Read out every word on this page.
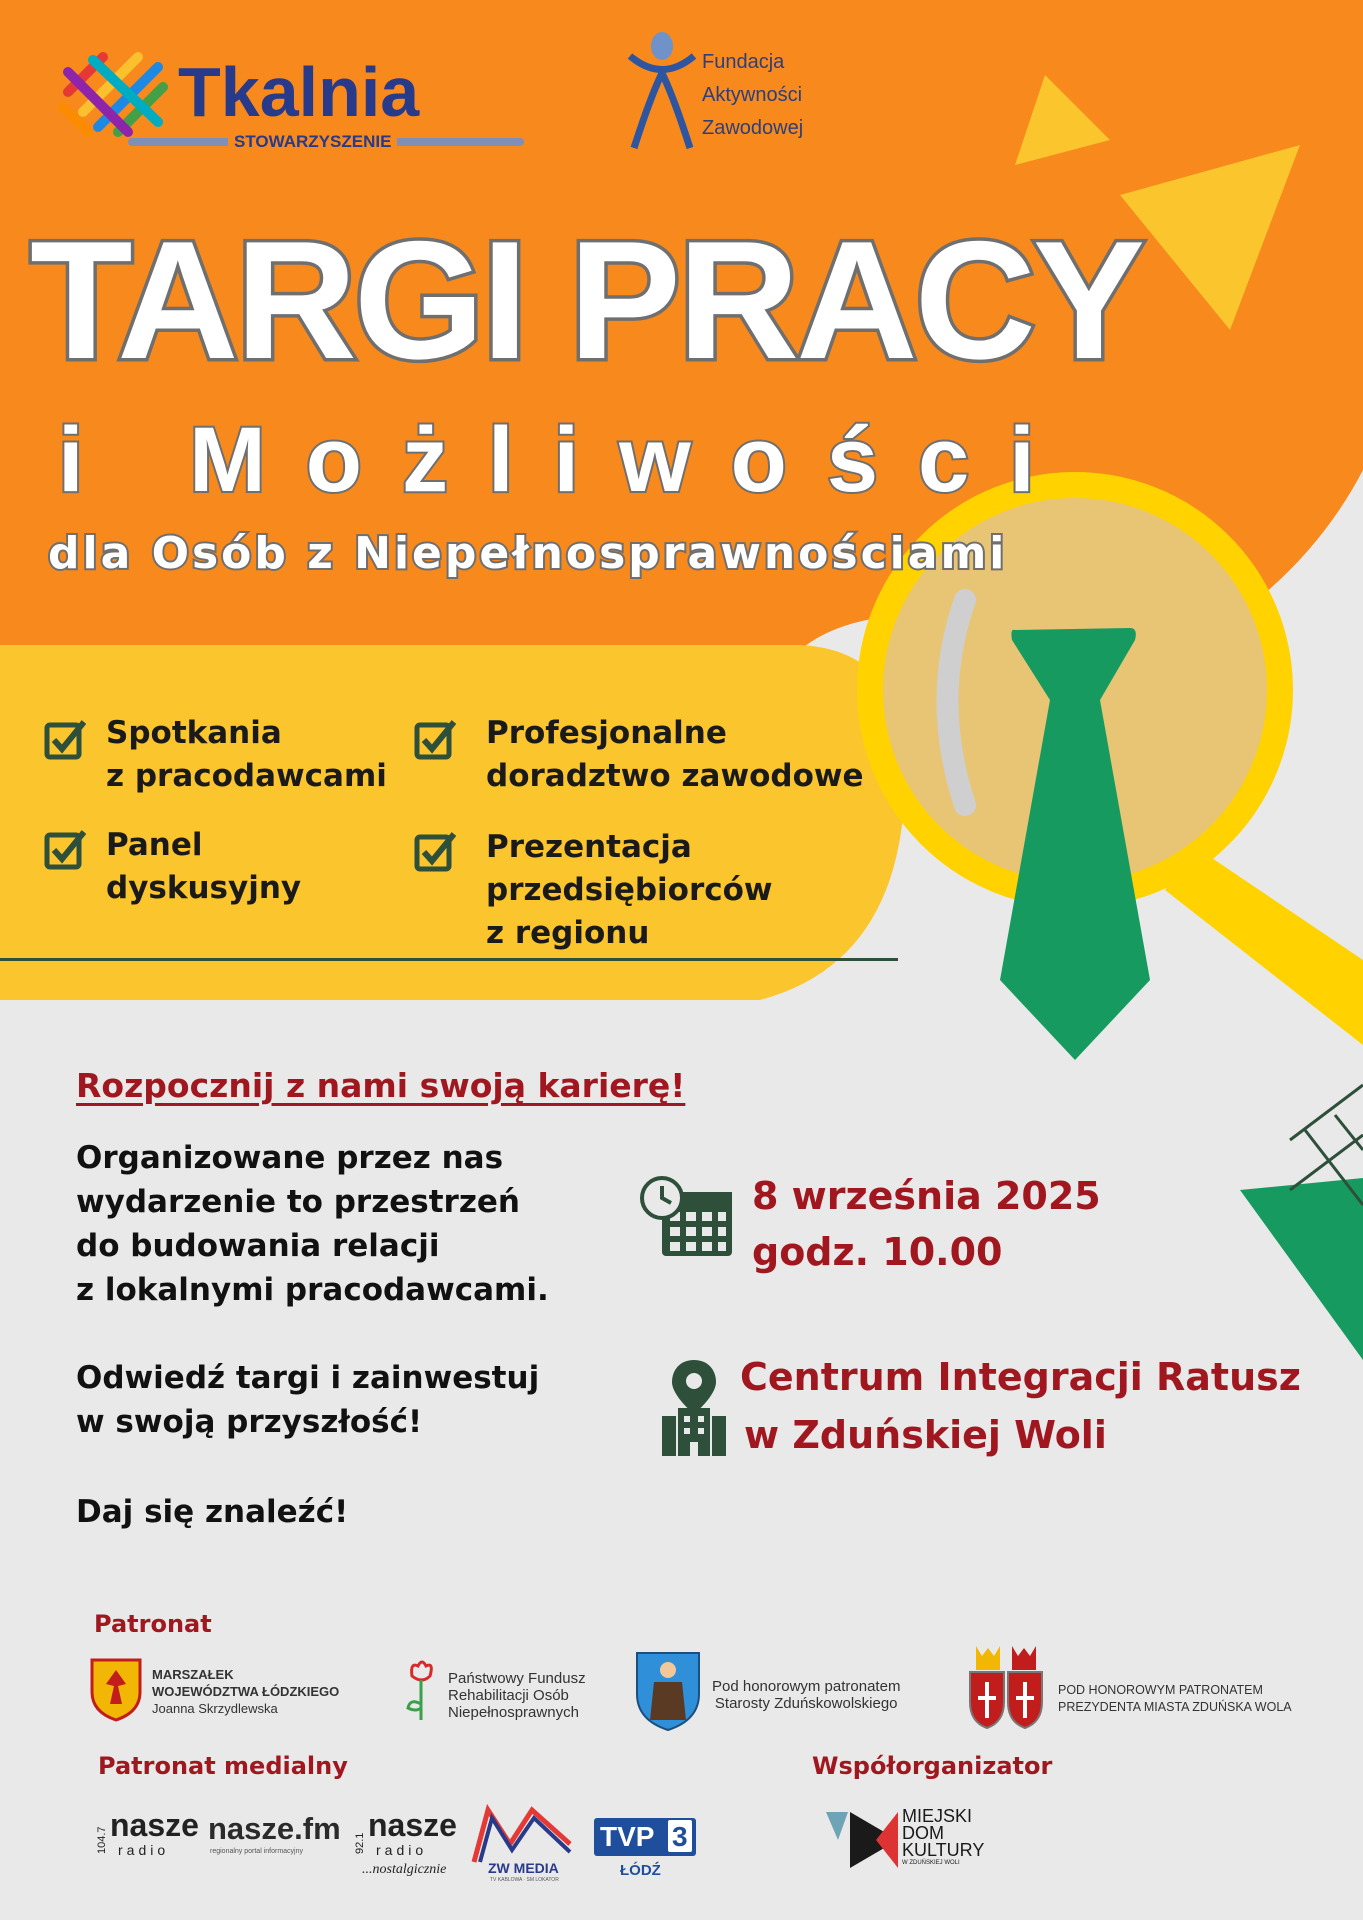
Tkalnia
STOWARZYSZENIE
Fundacja
Aktywności
Zawodowej
TARGI PRACY
i Możliwości
dla Osób z Niepełnosprawnościami
Spotkania
z pracodawcami
Profesjonalne
doradztwo zawodowe
Panel
dyskusyjny
Prezentacja
przedsiębiorców
z regionu
Rozpocznij z nami swoją karierę!
Organizowane przez nas
wydarzenie to przestrzeń
do budowania relacji
z lokalnymi pracodawcami.
Odwiedź targi i zainwestuj
w swoją przyszłość!
Daj się znaleźć!
8 września 2025
godz. 10.00
Centrum Integracji Ratusz
w Zduńskiej Woli
Patronat
MARSZAŁEK
WOJEWÓDZTWA ŁÓDZKIEGO
Joanna Skrzydlewska
Państwowy Fundusz
Rehabilitacji Osób
Niepełnosprawnych
Pod honorowym patronatem
Starosty Zduńskowolskiego
POD HONOROWYM PATRONATEM
PREZYDENTA MIASTA ZDUŃSKA WOLA
Patronat medialny
104.7 nasze
radio
nasze.fm
regionalny portal informacyjny	92.1
nasze
radio
...nostalgicznie	ZW MEDIA
TV KABLOWA · SM LOKATOR
TVP 3
ŁÓDŹ
Współorganizator
MIEJSKI
DOM
KULTURY
W ZDUŃSKIEJ WOLI
